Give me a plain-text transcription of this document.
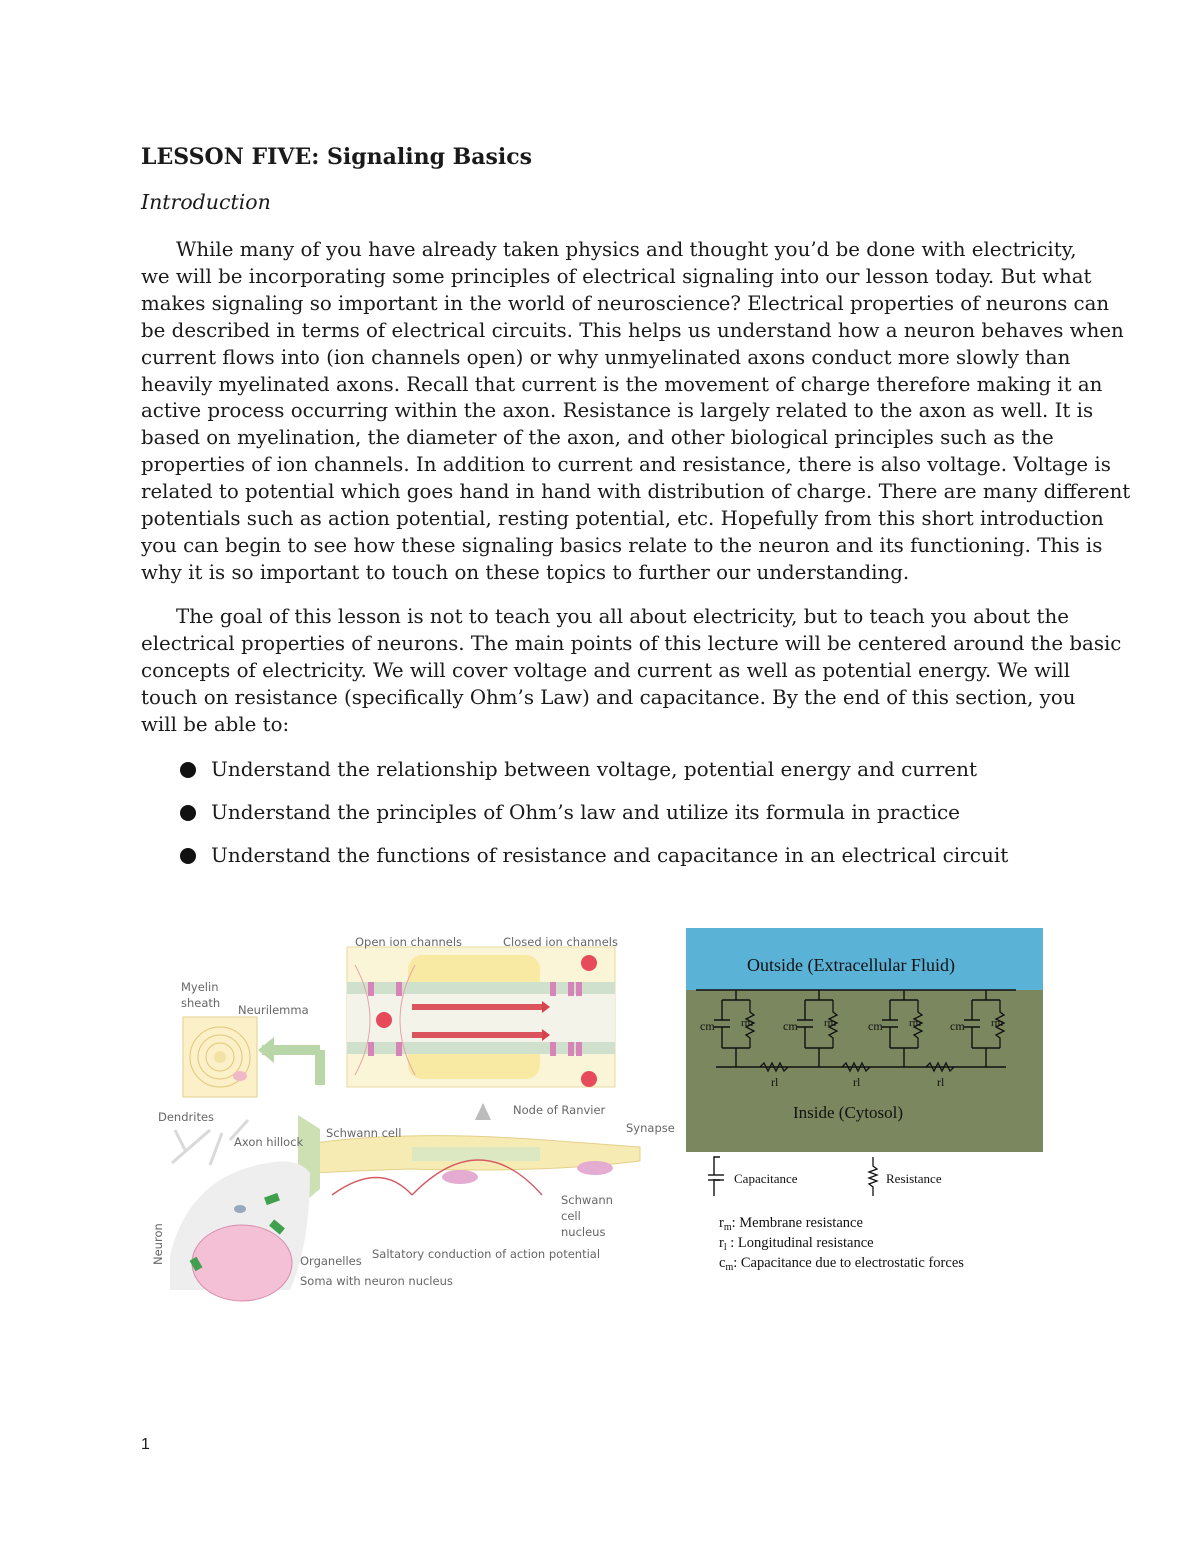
LESSON FIVE: Signaling Basics
Introduction
While many of you have already taken physics and thought you’d be done with electricity,
we will be incorporating some principles of electrical signaling into our lesson today. But what
makes signaling so important in the world of neuroscience? Electrical properties of neurons can
be described in terms of electrical circuits. This helps us understand how a neuron behaves when
current flows into (ion channels open) or why unmyelinated axons conduct more slowly than
heavily myelinated axons. Recall that current is the movement of charge therefore making it an
active process occurring within the axon. Resistance is largely related to the axon as well. It is
based on myelination, the diameter of the axon, and other biological principles such as the
properties of ion channels. In addition to current and resistance, there is also voltage. Voltage is
related to potential which goes hand in hand with distribution of charge. There are many different
potentials such as action potential, resting potential, etc. Hopefully from this short introduction
you can begin to see how these signaling basics relate to the neuron and its functioning. This is
why it is so important to touch on these topics to further our understanding.
The goal of this lesson is not to teach you all about electricity, but to teach you about the
electrical properties of neurons. The main points of this lecture will be centered around the basic
concepts of electricity. We will cover voltage and current as well as potential energy. We will
touch on resistance (specifically Ohm’s Law) and capacitance. By the end of this section, you
will be able to:
Understand the relationship between voltage, potential energy and current
Understand the principles of Ohm’s law and utilize its formula in practice
Understand the functions of resistance and capacitance in an electrical circuit
Open ion channels	Closed ion channels
Myelin
sheath Neurilemma
Schwann cell
Node of Ranvier
Synapse
Schwann
cell
nucleus
Dendrites
Axon hillock
Neuron	Organelles Saltatory conduction of action potential
Soma with neuron nucleus
Outside (Extracellular Fluid)
cm rm cm rm	cm rm cm rm
rl	rl	rl
Inside (Cytosol)
Capacitance	Resistance
$r_m$: Membrane resistance
$r_l$ : Longitudinal resistance
$c_m$: Capacitance due to electrostatic forces
1
